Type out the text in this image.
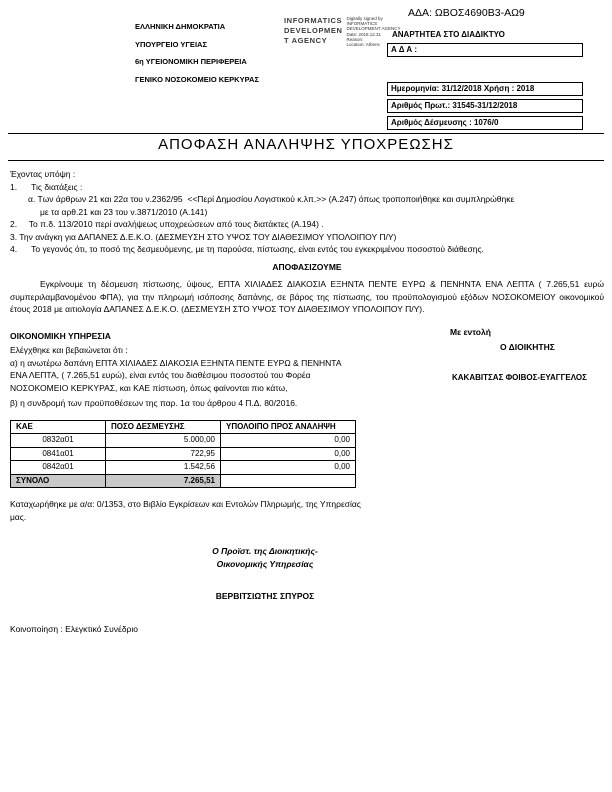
ΑΔΑ: ΩΒΟΣ4690Β3-ΑΩ9
ΕΛΛΗΝΙΚΗ ΔΗΜΟΚΡΑΤΙΑ
ΥΠΟΥΡΓΕΙΟ ΥΓΕΙΑΣ
6η ΥΓΕΙΟΝΟΜΙΚΗ ΠΕΡΙΦΕΡΕΙΑ
ΓΕΝΙΚΟ ΝΟΣΟΚΟΜΕΙΟ ΚΕΡΚΥΡΑΣ
INFORMATICS
DEVELOPMEN
T AGENCY
Digitally signed by
INFORMATICS
DEVELOPMENT AGENCY
Date: 2018.12.31
Reason:
Location: Athens
ΑΝΑΡΤΗΤΕΑ ΣΤΟ ΔΙΑΔΙΚΤΥΟ
Α Δ Α :
Ημερομηνία: 31/12/2018 Χρήση : 2018
Αριθμός Πρωτ.: 31545-31/12/2018
Αριθμός Δέσμευσης : 1076/0
ΑΠΟΦΑΣΗ ΑΝΑΛΗΨΗΣ ΥΠΟΧΡΕΩΣΗΣ
Έχοντας υπόψη :
1.      Τις διατάξεις :
α. Των άρθρων 21 και 22α του ν.2362/95  <<Περί Δημοσίου Λογιστικού κ.λπ.>> (Α.247) όπως τροποποιήθηκε και συμπληρώθηκε
με τα αρθ.21 και 23 του ν.3871/2010 (Α.141)
2.     Το π.δ. 113/2010 περί αναλήψεως υποχρεώσεων από τους διατάκτες (Α.194) .
3. Την ανάγκη για ΔΑΠΑΝΕΣ Δ.Ε.Κ.Ο. (ΔΕΣΜΕΥΣΗ ΣΤΟ ΥΨΟΣ ΤΟΥ ΔΙΑΘΕΣΙΜΟΥ ΥΠΟΛΟΙΠΟΥ Π/Υ)
4.      Το γεγονός ότι, το ποσό της δεσμευόμενης, με τη παρούσα, πίστωσης, είναι εντός του εγκεκριμένου ποσοστού διάθεσης.
ΑΠΟΦΑΣΙΖΟΥΜΕ
Εγκρίνουμε τη δέσμευση πίστωσης, ύψους, ΕΠΤΑ ΧΙΛΙΑΔΕΣ ΔΙΑΚΟΣΙΑ ΕΞΗΝΤΑ ΠΕΝΤΕ ΕΥΡΩ & ΠΕΝΗΝΤΑ ΕΝΑ ΛΕΠΤΑ ( 7.265,51 ευρώ συμπεριλαμβανομένου ΦΠΑ), για την πληρωμή ισόποσης δαπάνης, σε βάρος της πίστωσης, του προϋπολογισμού εξόδων ΝΟΣΟΚΟΜΕΙΟΥ οικονομικού έτους 2018 με αιτιολογία ΔΑΠΑΝΕΣ Δ.Ε.Κ.Ο. (ΔΕΣΜΕΥΣΗ ΣΤΟ ΥΨΟΣ ΤΟΥ ΔΙΑΘΕΣΙΜΟΥ ΥΠΟΛΟΙΠΟΥ Π/Υ).
ΟΙΚΟΝΟΜΙΚΗ ΥΠΗΡΕΣΙΑ
Ελέγχθηκε και βεβαιώνεται ότι :
α) η ανωτέρω δαπάνη ΕΠΤΑ ΧΙΛΙΑΔΕΣ ΔΙΑΚΟΣΙΑ ΕΞΗΝΤΑ ΠΕΝΤΕ ΕΥΡΩ & ΠΕΝΗΝΤΑ ΕΝΑ ΛΕΠΤΑ, ( 7.265,51 ευρώ), είναι εντός του διαθέσιμου ποσοστού του Φορέα ΝΟΣΟΚΟΜΕΙΟ ΚΕΡΚΥΡΑΣ, και ΚΑΕ πίστωση, όπως φαίνονται πιο κάτω,
β) η συνδρομή των προϋποθέσεων της παρ. 1α του άρθρου 4 Π.Δ. 80/2016.
ΚΑΕ	ΠΟΣΟ ΔΕΣΜΕΥΣΗΣ	ΥΠΟΛΟΙΠΟ ΠΡΟΣ ΑΝΑΛΗΨΗ
0832α01	5.000,00	0,00
0841α01	722,95	0,00
0842α01	1.542,56	0,00
ΣΥΝΟΛΟ	7.265,51	
Καταχωρήθηκε με α/α: 0/1353, στο Βιβλίο Εγκρίσεων και Εντολών Πληρωμής, της Υπηρεσίας μας.
Ο Προϊστ. της Διοικητικής-
Οικονομικής Υπηρεσίας
ΒΕΡΒΙΤΣΙΩΤΗΣ ΣΠΥΡΟΣ
Κοινοποίηση : Ελεγκτικό Συνέδριο
Με εντολή
Ο ΔΙΟΙΚΗΤΗΣ
ΚΑΚΑΒΙΤΣΑΣ ΦΟΙΒΟΣ-ΕΥΑΓΓΕΛΟΣ
